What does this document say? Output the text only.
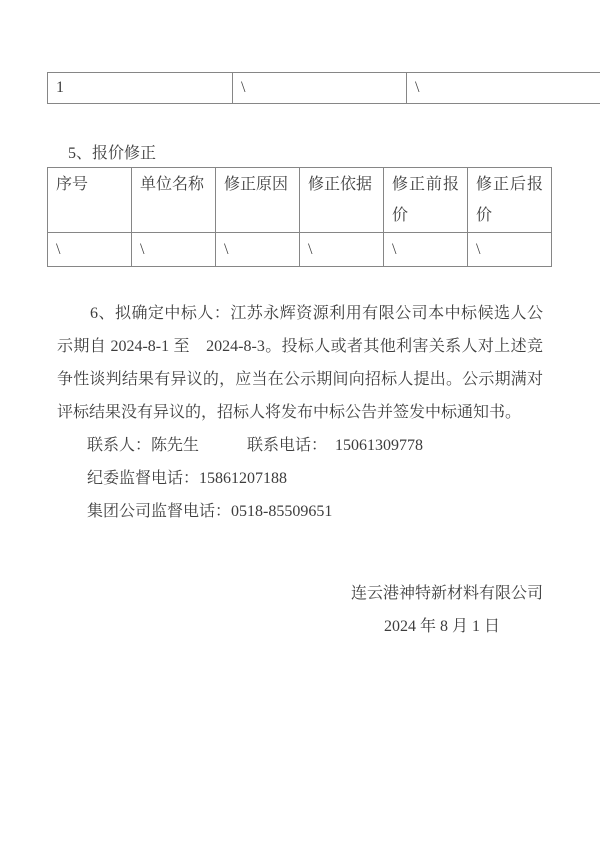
1	\	\
5、报价修正
序号	单位名称	修正原因	修正依据	修正前报价	修正后报价
\	\	\	\	\	\

6、拟确定中标人：江苏永辉资源利用有限公司本中标候选人公示期自 2024-8-1 至　2024-8-3。投标人或者其他利害关系人对上述竞争性谈判结果有异议的，应当在公示期间向招标人提出。公示期满对评标结果没有异议的，招标人将发布中标公告并签发中标通知书。

联系人：陈先生　　　联系电话：  15061309778
纪委监督电话：15861207188
集团公司监督电话：0518-85509651
连云港神特新材料有限公司
2024 年 8 月 1 日
